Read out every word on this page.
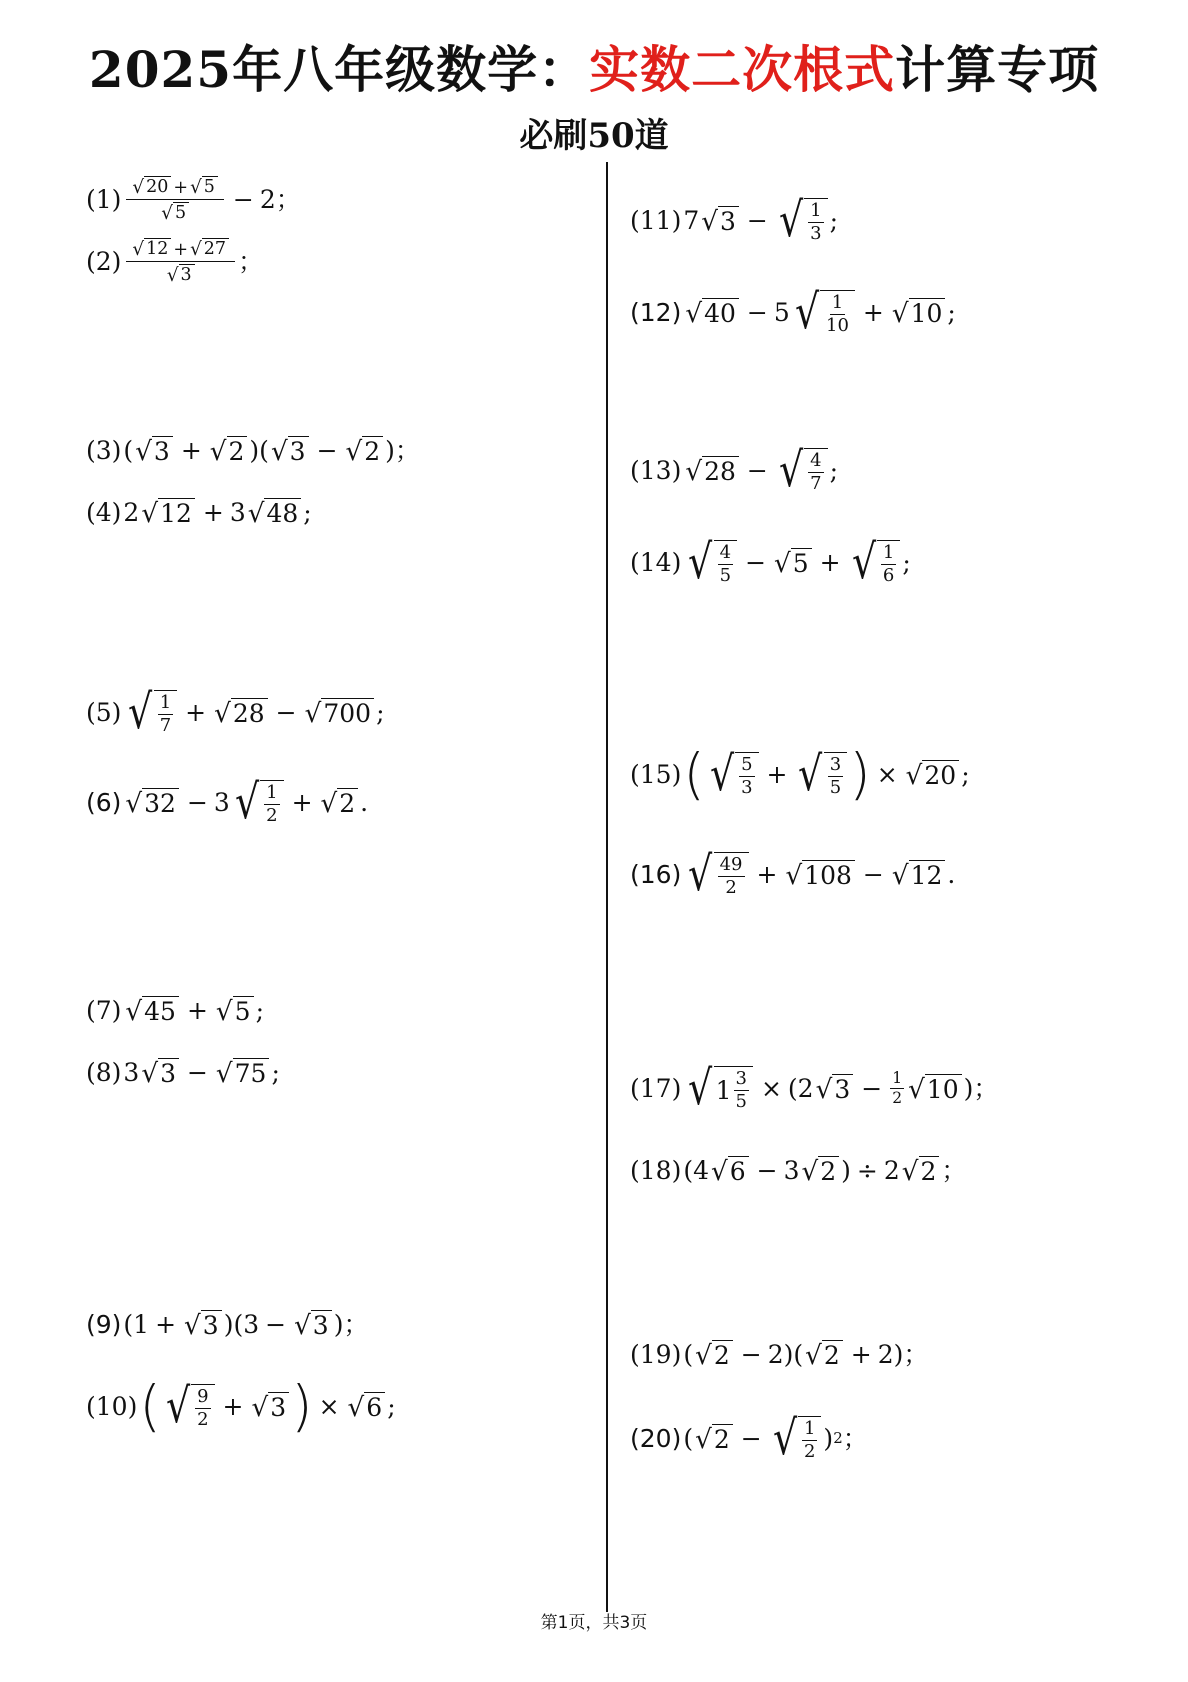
2025年八年级数学：实数二次根式计算专项
必刷50道
(1) √ 20 + √ 5
√ 5 − 2；
(2) √ 12 + √ 27
√ 3 ；
(3) ( √ 3 + √ 2 )( √ 3 − √ 2 )；
(4) 2 √ 12 + 3 √ 48 ;
(5) √ 1
7 + √ 28 − √ 700 ;
(6) √ 32 − 3 √ 1
2 + √ 2 .
(7) √ 45 + √ 5 ;
(8) 3 √ 3 − √ 75 ;
(9) (1 + √ 3 )(3 − √ 3 )；
(10) ( √ 9
2 + √ 3 ) × √ 6 ;
(11) 7 √ 3 − √ 1
3 ;
(12) √ 40 − 5 √ 1
10 + √ 10 ;
(13) √ 28 − √ 4
7 ;
(14) √ 4
5 − √ 5 + √ 1
6 ;
(15) ( √ 5
3 + √ 3
5 ) × √ 20 ;
(16) √ 49
2 + √ 108 − √ 12 .
(17) √ 1 3
5 × (2 √ $3 - \frac{1}{2}$ √ 10 )；
(18) (4 √ 6 − 3 √ 2 ) ÷ 2 √ 2 ；
(19) ( √ 2 − 2)( √ 2 + 2)；
(20) ( √ 2 − √ 1
2 ) 2 ；
第1页，共3页
